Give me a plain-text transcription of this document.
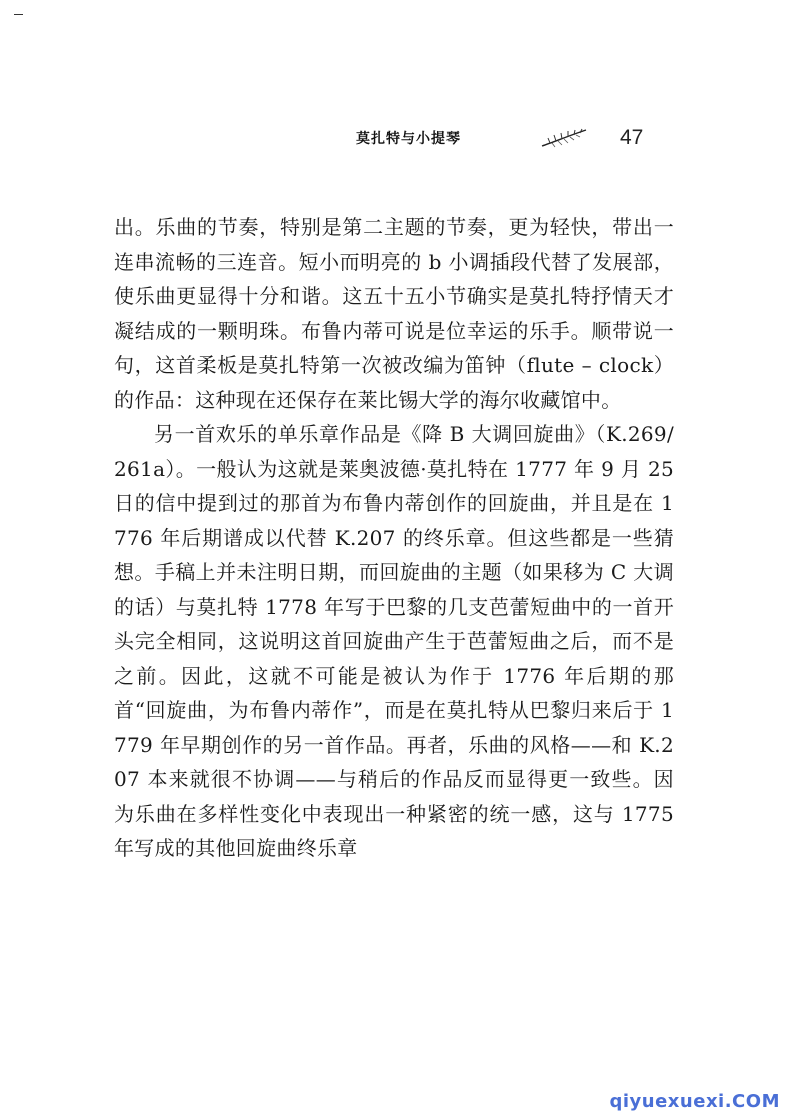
莫扎特与小提琴	47

出。乐曲的节奏，特别是第二主题的节奏，更为轻快，带出一连串流畅的三连音。短小而明亮的 b 小调插段代替了发展部，使乐曲更显得十分和谐。这五十五小节确实是莫扎特抒情天才凝结成的一颗明珠。布鲁内蒂可说是位幸运的乐手。顺带说一句，这首柔板是莫扎特第一次被改编为笛钟（flute – clock）的作品：这种现在还保存在莱比锡大学的海尔收藏馆中。

另一首欢乐的单乐章作品是《降 B 大调回旋曲》（K.269/261a）。一般认为这就是莱奥波德·莫扎特在 1777 年 9 月 25 日的信中提到过的那首为布鲁内蒂创作的回旋曲，并且是在 1776 年后期谱成以代替 K.207 的终乐章。但这些都是一些猜想。手稿上并未注明日期，而回旋曲的主题（如果移为 C 大调的话）与莫扎特 1778 年写于巴黎的几支芭蕾短曲中的一首开头完全相同，这说明这首回旋曲产生于芭蕾短曲之后，而不是之前。因此，这就不可能是被认为作于 1776 年后期的那首“回旋曲，为布鲁内蒂作”，而是在莫扎特从巴黎归来后于 1779 年早期创作的另一首作品。再者，乐曲的风格——和 K.207 本来就很不协调——与稍后的作品反而显得更一致些。因为乐曲在多样性变化中表现出一种紧密的统一感，这与 1775 年写成的其他回旋曲终乐章

qiyuexuexi.COM
